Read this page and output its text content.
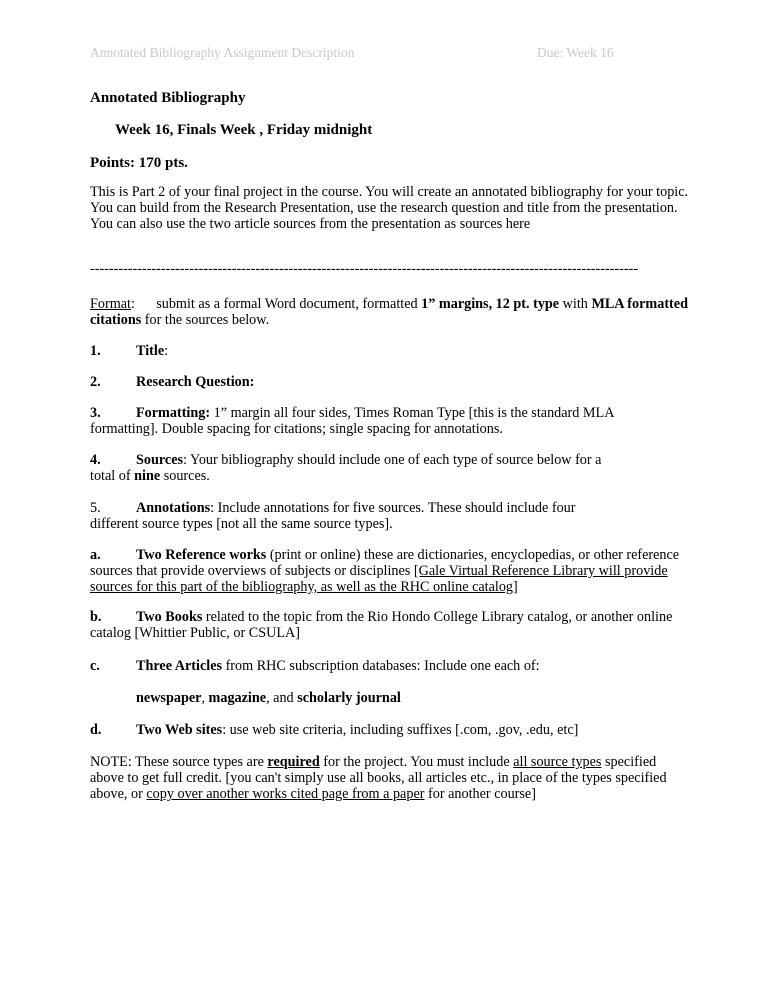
Annotated Bibliography Assignment Description	Due: Week 16
Annotated Bibliography
Week 16, Finals Week , Friday midnight
Points: 170 pts.
This is Part 2 of your final project in the course. You will create an annotated bibliography for your topic. You can build from the Research Presentation, use the research question and title from the presentation. You can also use the two article sources from the presentation as sources here
--------------------------------------------------------------------------------------------------------------------
Format: submit as a formal Word document, formatted 1” margins, 12 pt. type with MLA formatted citations for the sources below.
1. Title:
2. Research Question:
3. Formatting: 1” margin all four sides, Times Roman Type [this is the standard MLA formatting]. Double spacing for citations; single spacing for annotations.
4. Sources: Your bibliography should include one of each type of source below for a total of nine sources.
5. Annotations: Include annotations for five sources. These should include four different source types [not all the same source types].
a. Two Reference works (print or online) these are dictionaries, encyclopedias, or other reference sources that provide overviews of subjects or disciplines [Gale Virtual Reference Library will provide sources for this part of the bibliography, as well as the RHC online catalog]
b. Two Books related to the topic from the Rio Hondo College Library catalog, or another online catalog [Whittier Public, or CSULA]
c.	Three Articles from RHC subscription databases: Include one each of:
newspaper, magazine, and scholarly journal
d. Two Web sites: use web site criteria, including suffixes [.com, .gov, .edu, etc]
NOTE: These source types are required for the project. You must include all source types specified above to get full credit. [you can't simply use all books, all articles etc., in place of the types specified above, or copy over another works cited page from a paper for another course]
